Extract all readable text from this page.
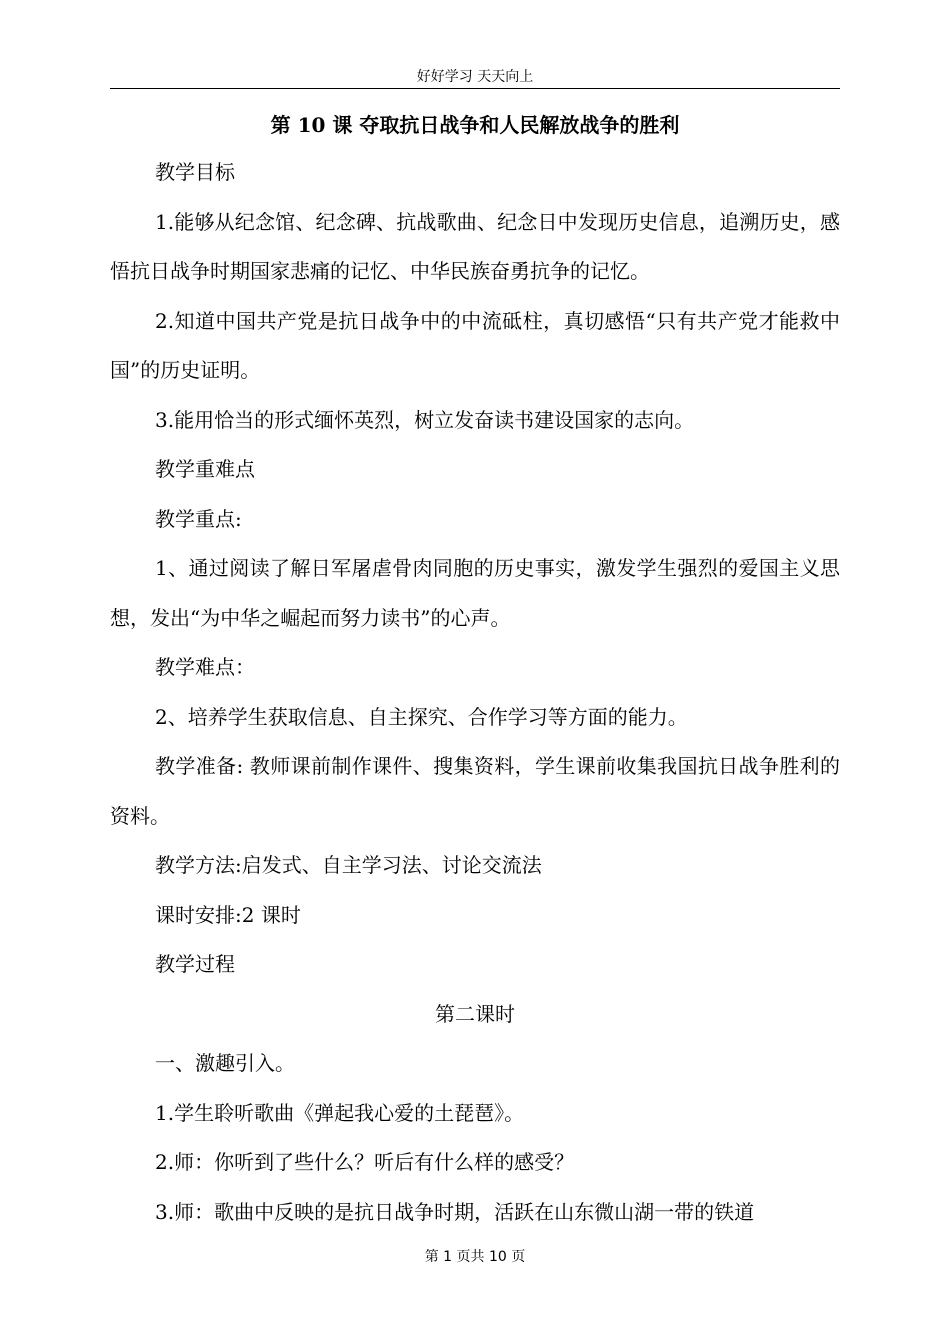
好好学习 天天向上
第 10 课 夺取抗日战争和人民解放战争的胜利

教学目标

1.能够从纪念馆、纪念碑、抗战歌曲、纪念日中发现历史信息，追溯历史，感悟抗日战争时期国家悲痛的记忆、中华民族奋勇抗争的记忆。

2.知道中国共产党是抗日战争中的中流砥柱，真切感悟“只有共产党才能救中国”的历史证明。

3.能用恰当的形式缅怀英烈，树立发奋读书建设国家的志向。

教学重难点

教学重点:

1、通过阅读了解日军屠虐骨肉同胞的历史事实，激发学生强烈的爱国主义思想，发出“为中华之崛起而努力读书”的心声。

教学难点：

2、培养学生获取信息、自主探究、合作学习等方面的能力。

教学准备: 教师课前制作课件、搜集资料，学生课前收集我国抗日战争胜利的资料。

教学方法:启发式、自主学习法、讨论交流法

课时安排:2 课时

教学过程

第二课时

一、激趣引入。

1.学生聆听歌曲《弹起我心爱的土琵琶》。

2.师：你听到了些什么？听后有什么样的感受？

3.师：歌曲中反映的是抗日战争时期，活跃在山东微山湖一带的铁道

第 1 页共 10 页
